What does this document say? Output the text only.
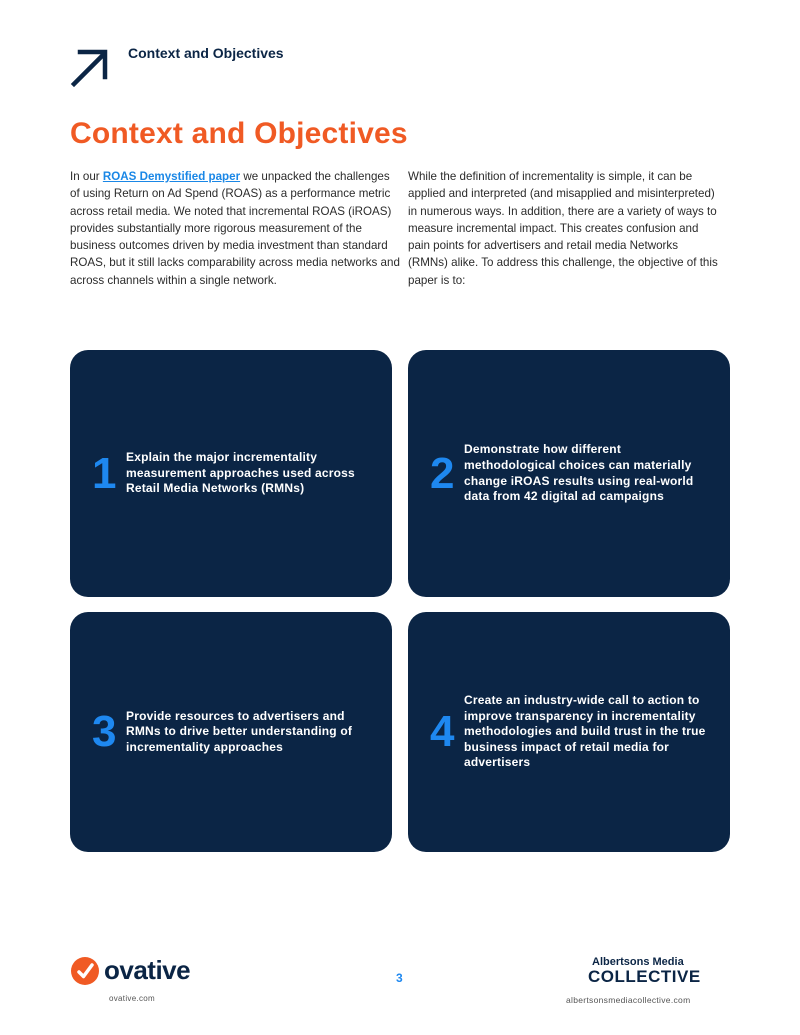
Context and Objectives
Context and Objectives

In our ROAS Demystified paper we unpacked the challenges of using Return on Ad Spend (ROAS) as a performance metric across retail media. We noted that incremental ROAS (iROAS) provides substantially more rigorous measurement of the business outcomes driven by media investment than standard ROAS, but it still lacks comparability across media networks and across channels within a single network.

While the definition of incrementality is simple, it can be applied and interpreted (and misapplied and misinterpreted) in numerous ways. In addition, there are a variety of ways to measure incremental impact. This creates confusion and pain points for advertisers and retail media Networks (RMNs) alike. To address this challenge, the objective of this paper is to:

1 Explain the major incrementality measurement approaches used across Retail Media Networks (RMNs)	2 Demonstrate how different methodological choices can materially change iROAS results using real-world data from 42 digital ad campaigns
3 Provide resources to advertisers and RMNs to drive better understanding of incrementality approaches	4
Create an industry-wide call to action to improve transparency in incrementality methodologies and build trust in the true business impact of retail media for advertisers
ovative
ovative.com
3
Albertsons Media
COLLECTIVE
albertsonsmediacollective.com
